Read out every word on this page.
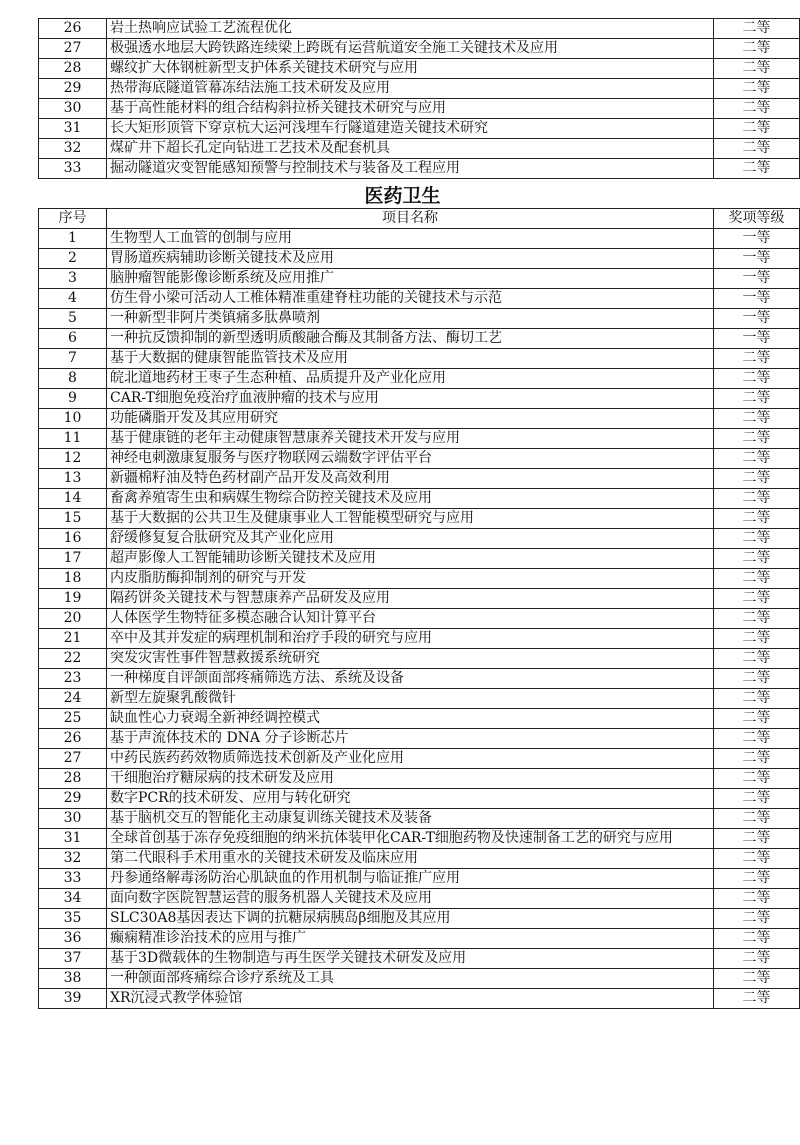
26	岩土热响应试验工艺流程优化	二等
27	极强透水地层大跨铁路连续梁上跨既有运营航道安全施工关键技术及应用	二等
28	螺纹扩大体钢桩新型支护体系关键技术研究与应用	二等
29	热带海底隧道管幕冻结法施工技术研发及应用	二等
30	基于高性能材料的组合结构斜拉桥关键技术研究与应用	二等
31	长大矩形顶管下穿京杭大运河浅埋车行隧道建造关键技术研究	二等
32	煤矿井下超长孔定向钻进工艺技术及配套机具	二等
33	掘动隧道灾变智能感知预警与控制技术与装备及工程应用	二等
医药卫生
序号	项目名称	奖项等级
1	生物型人工血管的创制与应用	一等
2	胃肠道疾病辅助诊断关键技术及应用	一等
3	脑肿瘤智能影像诊断系统及应用推广	一等
4	仿生骨小梁可活动人工椎体精准重建脊柱功能的关键技术与示范	一等
5	一种新型非阿片类镇痛多肽鼻喷剂	一等
6	一种抗反馈抑制的新型透明质酸融合酶及其制备方法、酶切工艺	一等
7	基于大数据的健康智能监管技术及应用	二等
8	皖北道地药材王枣子生态种植、品质提升及产业化应用	二等
9	CAR-T细胞免疫治疗血液肿瘤的技术与应用	二等
10	功能磷脂开发及其应用研究	二等
11	基于健康链的老年主动健康智慧康养关键技术开发与应用	二等
12	神经电刺激康复服务与医疗物联网云端数字评估平台	二等
13	新疆棉籽油及特色药材副产品开发及高效利用	二等
14	畜禽养殖寄生虫和病媒生物综合防控关键技术及应用	二等
15	基于大数据的公共卫生及健康事业人工智能模型研究与应用	二等
16	舒缓修复复合肽研究及其产业化应用	二等
17	超声影像人工智能辅助诊断关键技术及应用	二等
18	内皮脂肪酶抑制剂的研究与开发	二等
19	隔药饼灸关键技术与智慧康养产品研发及应用	二等
20	人体医学生物特征多模态融合认知计算平台	二等
21	卒中及其并发症的病理机制和治疗手段的研究与应用	二等
22	突发灾害性事件智慧救援系统研究	二等
23	一种梯度自评颌面部疼痛筛选方法、系统及设备	二等
24	新型左旋聚乳酸微针	二等
25	缺血性心力衰竭全新神经调控模式	二等
26	基于声流体技术的 DNA 分子诊断芯片	二等
27	中药民族药药效物质筛选技术创新及产业化应用	二等
28	干细胞治疗糖尿病的技术研发及应用	二等
29	数字PCR的技术研发、应用与转化研究	二等
30	基于脑机交互的智能化主动康复训练关键技术及装备	二等
31	全球首创基于冻存免疫细胞的纳米抗体装甲化CAR-T细胞药物及快速制备工艺的研究与应用	二等
32	第二代眼科手术用重水的关键技术研发及临床应用	二等
33	丹参通络解毒汤防治心肌缺血的作用机制与临证推广应用	二等
34	面向数字医院智慧运营的服务机器人关键技术及应用	二等
35	SLC30A8基因表达下调的抗糖尿病胰岛β细胞及其应用	二等
36	癫痫精准诊治技术的应用与推广	二等
37	基于3D微载体的生物制造与再生医学关键技术研发及应用	二等
38	一种颌面部疼痛综合诊疗系统及工具	二等
39	XR沉浸式教学体验馆	二等
